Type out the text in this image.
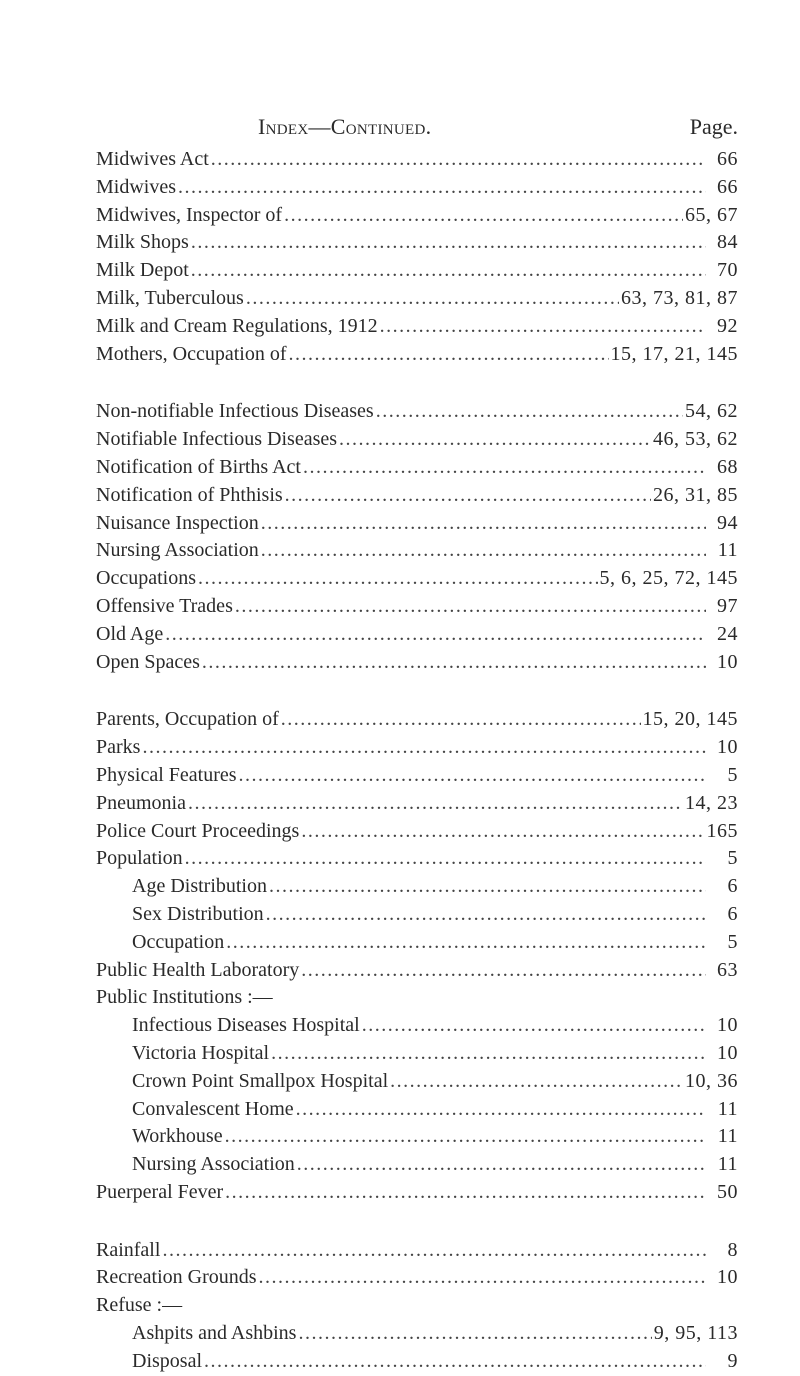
Index—Continued.	Page.
Midwives Act .....	66
Midwives .....	66
Midwives, Inspector of .....	65, 67
Milk Shops .....	84
Milk Depot .....	70
Milk, Tuberculous .....	63, 73, 81, 87
Milk and Cream Regulations, 1912 .....	92
Mothers, Occupation of .....	15, 17, 21, 145
Non-notifiable Infectious Diseases .....	54, 62
Notifiable Infectious Diseases .....	46, 53, 62
Notification of Births Act .....	68
Notification of Phthisis .....	26, 31, 85
Nuisance Inspection .....	94
Nursing Association .....	11
Occupations .....	5, 6, 25, 72, 145
Offensive Trades .....	97
Old Age .....	24
Open Spaces .....	10
Parents, Occupation of .....	15, 20, 145
Parks .....	10
Physical Features .....	5
Pneumonia .....	14, 23
Police Court Proceedings .....	165
Population .....	5
Age Distribution .....	6
Sex Distribution .....	6
Occupation .....	5
Public Health Laboratory .....	63
Public Institutions :—
Infectious Diseases Hospital .....	10
Victoria Hospital .....	10
Crown Point Smallpox Hospital .....	10, 36
Convalescent Home .....	11
Workhouse .....	11
Nursing Association .....	11
Puerperal Fever .....	50
Rainfall .....	8
Recreation Grounds .....	10
Refuse :—
Ashpits and Ashbins .....	9, 95, 113
Disposal .....	9
